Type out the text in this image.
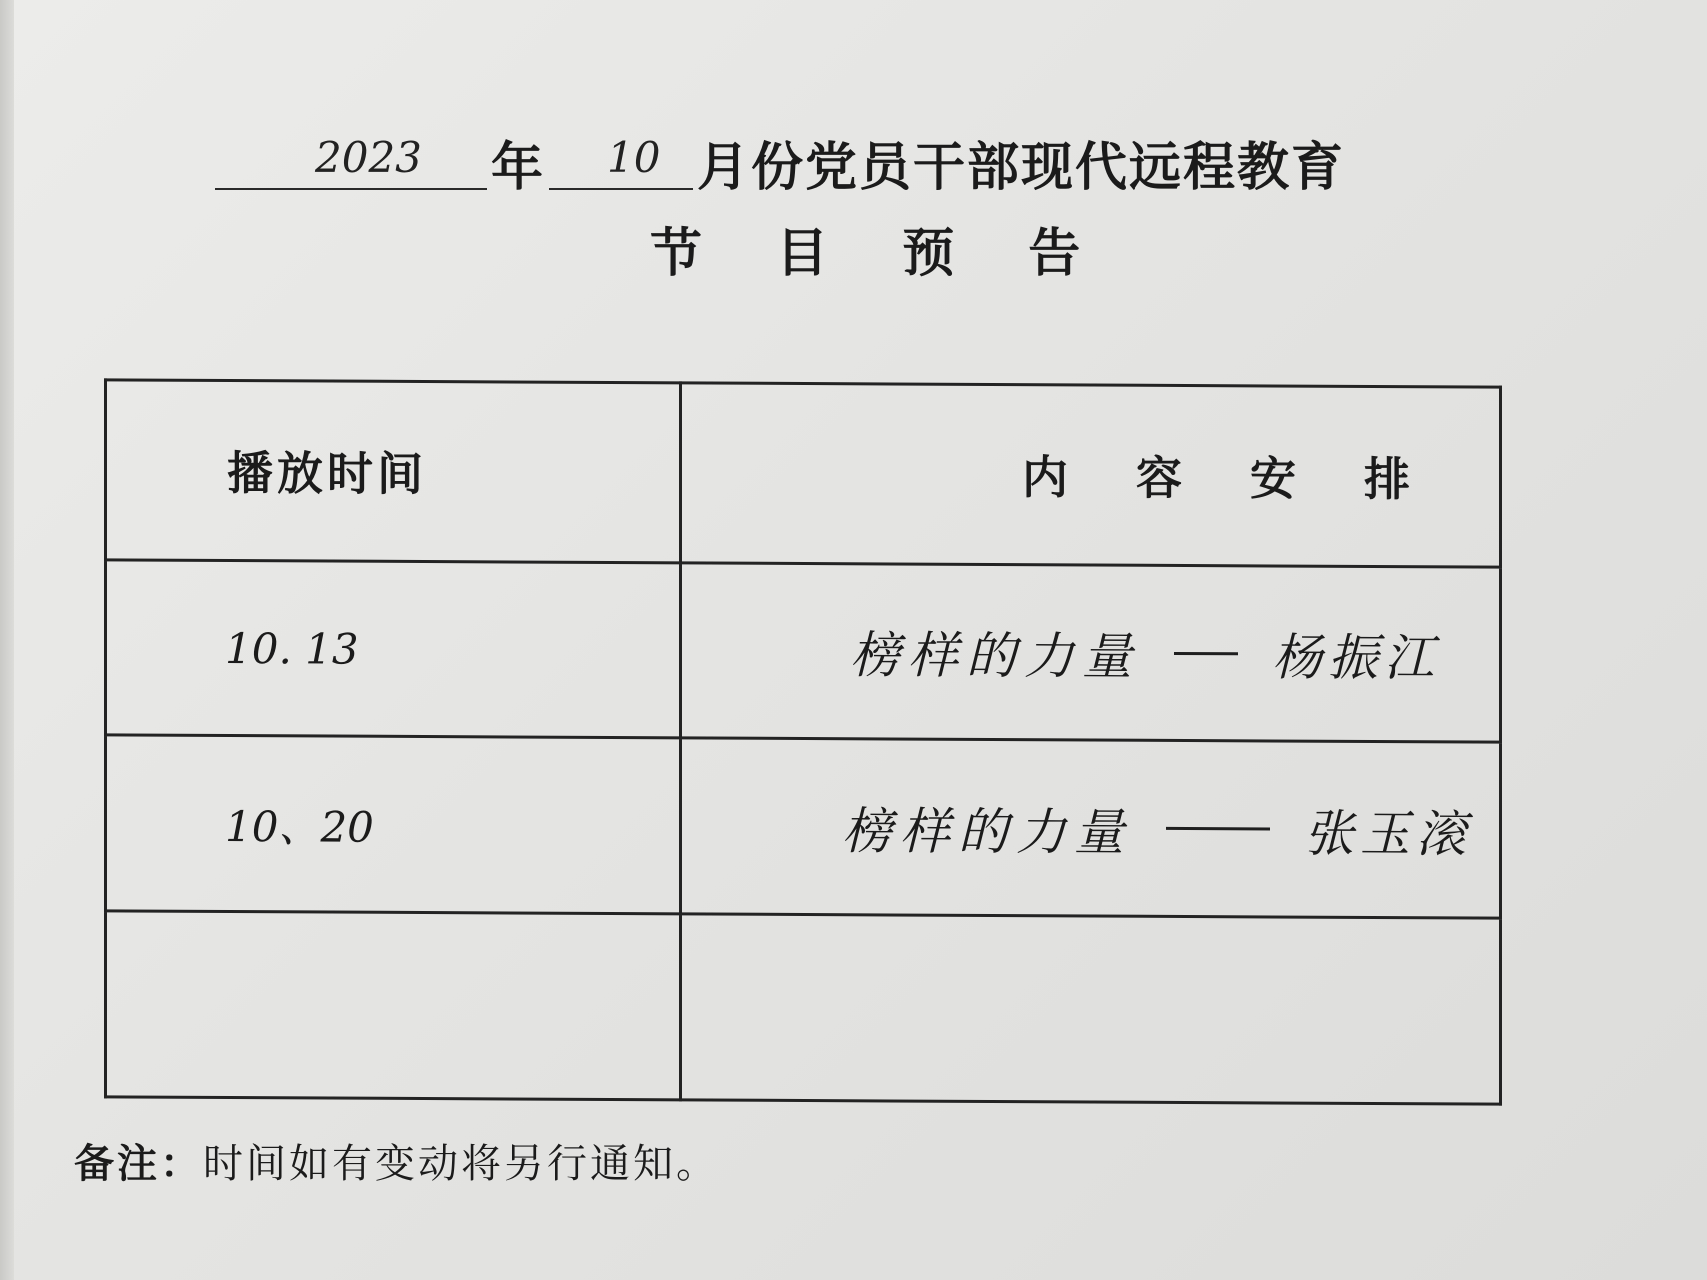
2023 年 10 月份党员干部现代远程教育
节 目 预 告
播放时间	内 容 安 排
10. 13	榜样的力量 杨振江

10、20	榜样的力量 张玉滚

备注：时间如有变动将另行通知。
